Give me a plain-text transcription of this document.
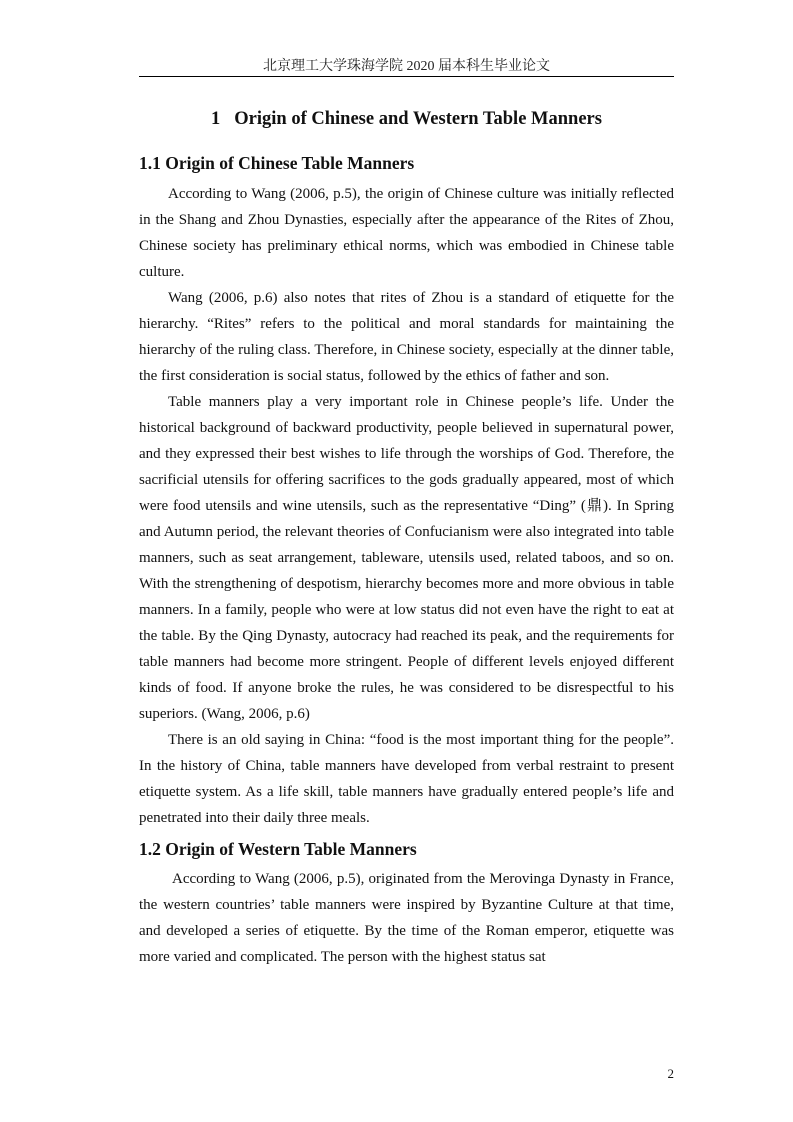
北京理工大学珠海学院 2020 届本科生毕业论文
1 Origin of Chinese and Western Table Manners
1.1 Origin of Chinese Table Manners

According to Wang (2006, p.5), the origin of Chinese culture was initially reflected in the Shang and Zhou Dynasties, especially after the appearance of the Rites of Zhou, Chinese society has preliminary ethical norms, which was embodied in Chinese table culture.

Wang (2006, p.6) also notes that rites of Zhou is a standard of etiquette for the hierarchy. “Rites” refers to the political and moral standards for maintaining the hierarchy of the ruling class. Therefore, in Chinese society, especially at the dinner table, the first consideration is social status, followed by the ethics of father and son.

Table manners play a very important role in Chinese people’s life. Under the historical background of backward productivity, people believed in supernatural power, and they expressed their best wishes to life through the worships of God. Therefore, the sacrificial utensils for offering sacrifices to the gods gradually appeared, most of which were food utensils and wine utensils, such as the representative “Ding” (鼎). In Spring and Autumn period, the relevant theories of Confucianism were also integrated into table manners, such as seat arrangement, tableware, utensils used, related taboos, and so on. With the strengthening of despotism, hierarchy becomes more and more obvious in table manners. In a family, people who were at low status did not even have the right to eat at the table. By the Qing Dynasty, autocracy had reached its peak, and the requirements for table manners had become more stringent. People of different levels enjoyed different kinds of food. If anyone broke the rules, he was considered to be disrespectful to his superiors. (Wang, 2006, p.6)

There is an old saying in China: “food is the most important thing for the people”. In the history of China, table manners have developed from verbal restraint to present etiquette system. As a life skill, table manners have gradually entered people’s life and penetrated into their daily three meals.

1.2 Origin of Western Table Manners

According to Wang (2006, p.5), originated from the Merovinga Dynasty in France, the western countries’ table manners were inspired by Byzantine Culture at that time, and developed a series of etiquette. By the time of the Roman emperor, etiquette was more varied and complicated. The person with the highest status sat

2
